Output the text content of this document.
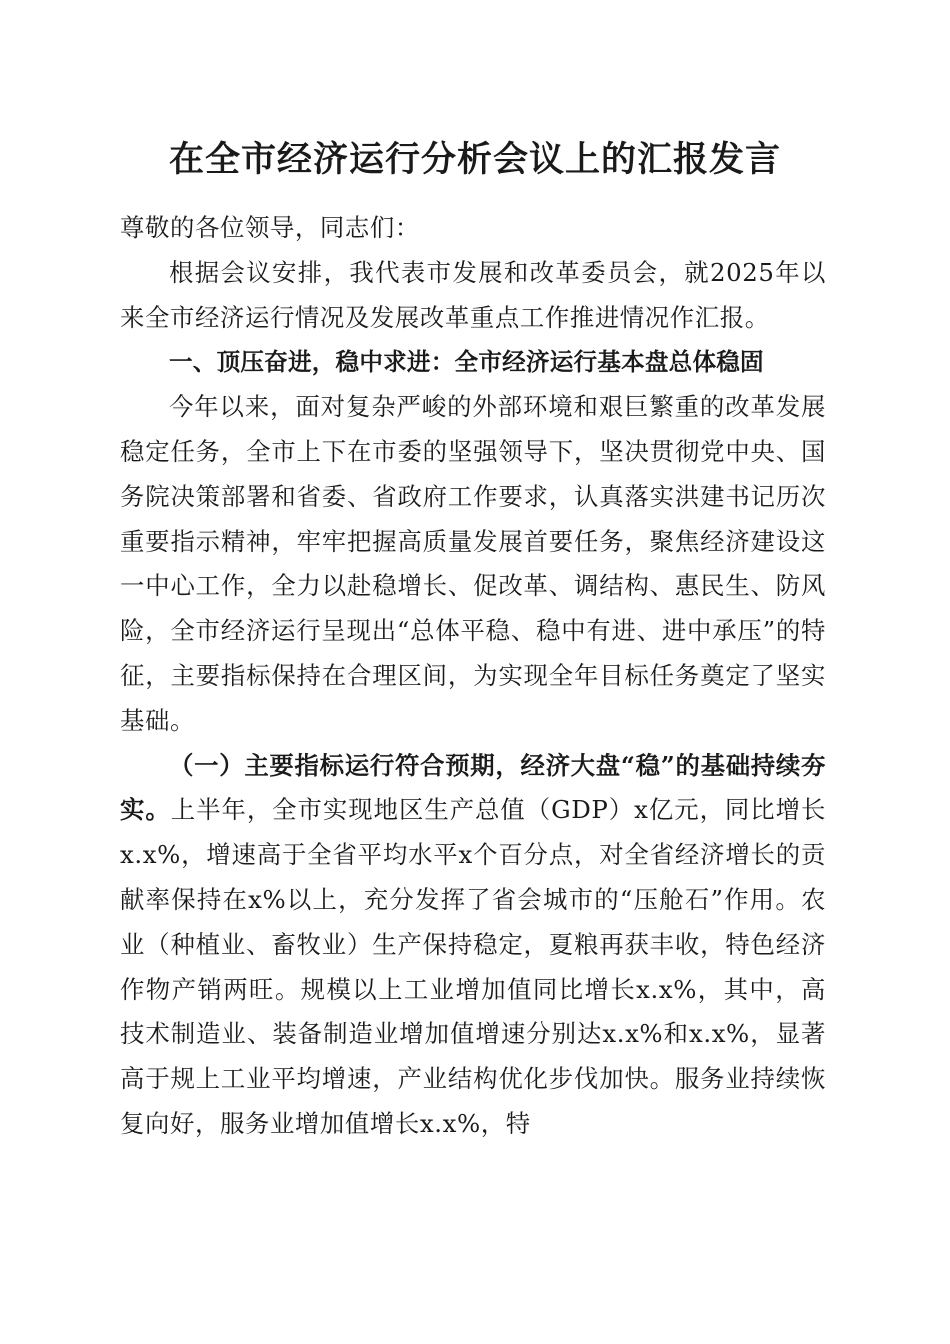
在全市经济运行分析会议上的汇报发言

尊敬的各位领导，同志们：

根据会议安排，我代表市发展和改革委员会，就2025年以来全市经济运行情况及发展改革重点工作推进情况作汇报。

一、顶压奋进，稳中求进：全市经济运行基本盘总体稳固

今年以来，面对复杂严峻的外部环境和艰巨繁重的改革发展稳定任务，全市上下在市委的坚强领导下，坚决贯彻党中央、国务院决策部署和省委、省政府工作要求，认真落实洪建书记历次重要指示精神，牢牢把握高质量发展首要任务，聚焦经济建设这一中心工作，全力以赴稳增长、促改革、调结构、惠民生、防风险，全市经济运行呈现出“总体平稳、稳中有进、进中承压”的特征，主要指标保持在合理区间，为实现全年目标任务奠定了坚实基础。

（一）主要指标运行符合预期，经济大盘“稳”的基础持续夯实。上半年，全市实现地区生产总值（GDP）x亿元，同比增长x.x%，增速高于全省平均水平x个百分点，对全省经济增长的贡献率保持在x%以上，充分发挥了省会城市的“压舱石”作用。农业（种植业、畜牧业）生产保持稳定，夏粮再获丰收，特色经济作物产销两旺。规模以上工业增加值同比增长x.x%，其中，高技术制造业、装备制造业增加值增速分别达x.x%和x.x%，显著高于规上工业平均增速，产业结构优化步伐加快。服务业持续恢复向好，服务业增加值增长x.x%，特
